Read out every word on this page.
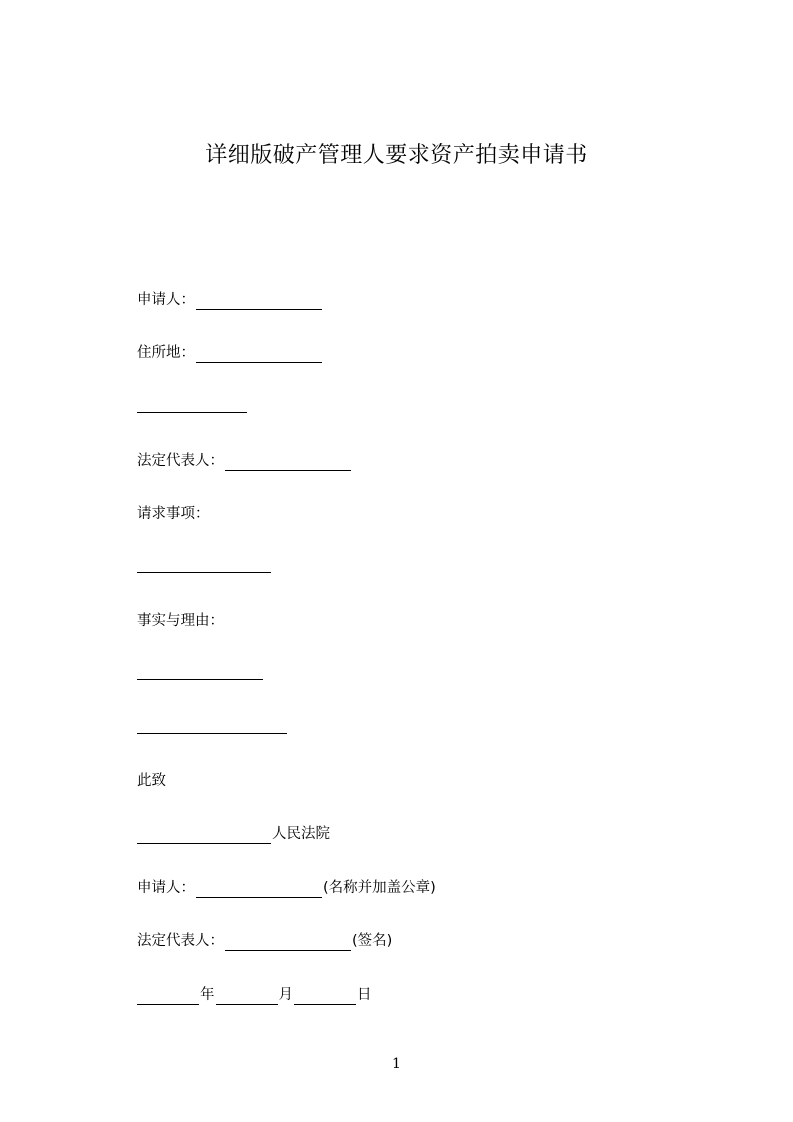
详细版破产管理人要求资产拍卖申请书
申请人：
住所地：
法定代表人：
请求事项：
事实与理由：
此致
人民法院
申请人：	(名称并加盖公章)
法定代表人：	(签名)
年	月	日
1
